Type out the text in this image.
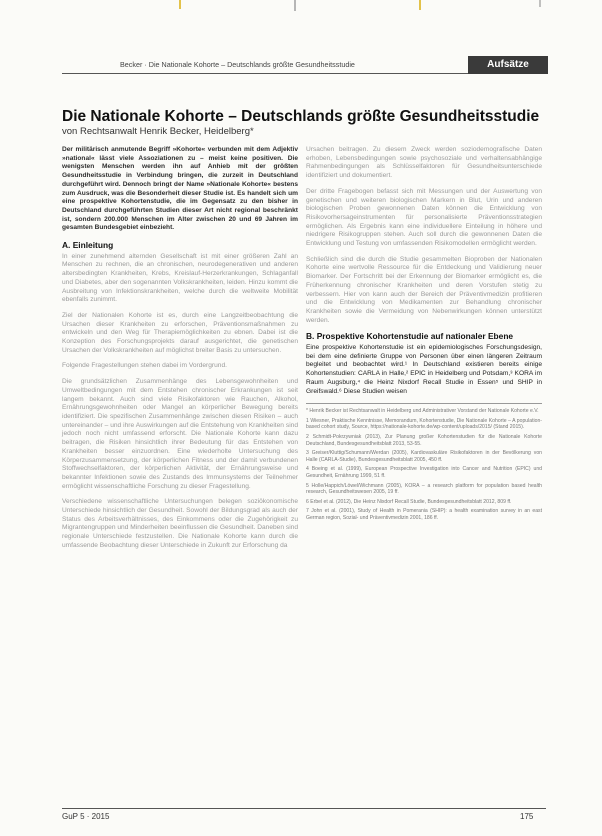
Becker · Die Nationale Kohorte – Deutschlands größte Gesundheitsstudie	Aufsätze
Die Nationale Kohorte – Deutschlands größte Gesundheitsstudie
von Rechtsanwalt Henrik Becker, Heidelberg*

Der militärisch anmutende Begriff »Kohorte« verbunden mit dem Adjektiv »national« lässt viele Assoziationen zu – meist keine positiven. Die wenigsten Menschen werden ihn auf Anhieb mit der größten Gesundheitsstudie in Verbindung bringen, die zurzeit in Deutschland durchgeführt wird. Dennoch bringt der Name »Nationale Kohorte« bestens zum Ausdruck, was die Besonderheit dieser Studie ist. Es handelt sich um eine prospektive Kohortenstudie, die im Gegensatz zu den bisher in Deutschland durchgeführten Studien dieser Art nicht regional beschränkt ist, sondern 200.000 Menschen im Alter zwischen 20 und 69 Jahren im gesamten Bundesgebiet einbezieht.

A. Einleitung

In einer zunehmend alternden Gesellschaft ist mit einer größeren Zahl an Menschen zu rechnen, die an chronischen, neurodegenerativen und anderen altersbedingten Krankheiten, Krebs, Kreislauf-Herzerkrankungen, Schlaganfall und Diabetes, aber den sogenannten Volkskrankheiten, leiden. Hinzu kommt die Ausbreitung von Infektionskrankheiten, welche durch die weltweite Mobilität ebenfalls zunimmt.

Ziel der Nationalen Kohorte ist es, durch eine Langzeitbeobachtung die Ursachen dieser Krankheiten zu erforschen, Präventionsmaßnahmen zu entwickeln und den Weg für Therapiemöglichkeiten zu ebnen. Dabei ist die Konzeption des Forschungsprojekts darauf ausgerichtet, die genetischen Ursachen der Volkskrankheiten auf möglichst breiter Basis zu untersuchen.

Folgende Fragestellungen stehen dabei im Vordergrund.

Die grundsätzlichen Zusammenhänge des Lebensgewohnheiten und Umweltbedingungen mit dem Entstehen chronischer Erkrankungen ist seit langem bekannt. Auch sind viele Risikofaktoren wie Rauchen, Alkohol, Ernährungsgewohnheiten oder Mangel an körperlicher Bewegung bereits identifiziert. Die spezifischen Zusammenhänge zwischen diesen Risiken – auch untereinander – und ihre Auswirkungen auf die Entstehung von Krankheiten sind jedoch noch nicht umfassend erforscht. Die Nationale Kohorte kann dazu beitragen, die Risiken hinsichtlich ihrer Bedeutung für das Entstehen von Krankheiten besser einzuordnen. Eine wiederholte Untersuchung des Körperzusammensetzung, der körperlichen Fitness und der damit verbundenen Stoffwechselfaktoren, der körperlichen Aktivität, der Ernährungsweise und bekannter Infektionen sowie des Zustands des Immunsystems der Teilnehmer ermöglicht wissenschaftliche Forschung zu dieser Fragestellung.

Verschiedene wissenschaftliche Untersuchungen belegen soziökonomische Unterschiede hinsichtlich der Gesundheit. Sowohl der Bildungsgrad als auch der Status des Arbeitsverhältnisses, des Einkommens oder die Zugehörigkeit zu Migrantengruppen und Minderheiten beeinflussen die Gesundheit. Daneben sind regionale Unterschiede festzustellen. Die Nationale Kohorte kann durch die umfassende Beobachtung dieser Unterschiede in Zukunft zur Erforschung da

Ursachen beitragen. Zu diesem Zweck werden soziodemografische Daten erhoben, Lebensbedingungen sowie psychosoziale und verhaltensabhängige Rahmenbedingungen als Schlüsselfaktoren für Gesundheitsunterschiede identifiziert und dokumentiert.

Der dritte Fragebogen befasst sich mit Messungen und der Auswertung von genetischen und weiteren biologischen Markern in Blut, Urin und anderen biologischen Proben gewonnenen Daten können die Entwicklung von Risikovorhersageinstrumenten für personalisierte Präventionsstrategien ermöglichen. Als Ergebnis kann eine individuellere Einteilung in höhere und niedrigere Risikogruppen stehen. Auch soll durch die gewonnenen Daten die Entwicklung und Testung von umfassenden Risikomodellen ermöglicht werden.

Schließlich sind die durch die Studie gesammelten Bioproben der Nationalen Kohorte eine wertvolle Ressource für die Entdeckung und Validierung neuer Biomarker. Der Fortschritt bei der Erkennung der Biomarker ermöglicht es, die Früherkennung chronischer Krankheiten und deren Vorstufen stetig zu verbessern. Hier von kann auch der Bereich der Präventivmedizin profitieren und die Entwicklung von Medikamenten zur Behandlung chronischer Krankheiten sowie die Vermeidung von Nebenwirkungen können unterstützt werden.

B. Prospektive Kohortenstudie auf nationaler Ebene

Eine prospektive Kohortenstudie ist ein epidemiologisches Forschungsdesign, bei dem eine definierte Gruppe von Personen über einen längeren Zeitraum begleitet und beobachtet wird.¹ In Deutschland existieren bereits einige Kohortenstudien: CARLA in Halle,² EPIC in Heidelberg und Potsdam,³ KORA im Raum Augsburg,⁴ die Heinz Nixdorf Recall Studie in Essen⁵ und SHIP in Greifswald.⁶ Diese Studien weisen

* Henrik Becker ist Rechtsanwalt in Heidelberg und Administrativer Vorstand der Nationale Kohorte e.V.
1 Wiesner, Praktische Kenntnisse, Memorandum, Kohortenstudie, Die Nationale Kohorte – A population-based cohort study, Source, https://nationale-kohorte.de/wp-content/uploads/2015/ (Stand 2015).
2 Schmidt-Pokrzywniak (2013), Zur Planung großer Kohortenstudien für die Nationale Kohorte Deutschland, Bundesgesundheitsblatt 2013, 53-55.
3 Greiser/Kluttig/Schumann/Werdan (2005), Kardiovaskuläre Risikofaktoren in der Bevölkerung von Halle (CARLA-Studie), Bundesgesundheitsblatt 2005, 450 ff.
4 Boeing et al. (1999), European Prospective Investigation into Cancer and Nutrition (EPIC) und Gesundheit, Ernährung 1999, 51 ff.
5 Holle/Happich/Löwel/Wichmann (2005), KORA – a research platform for population based health research, Gesundheitswesen 2005, 19 ff.
6 Erbel et al. (2012), Die Heinz Nixdorf Recall Studie, Bundesgesundheitsblatt 2012, 809 ff.
7 John et al. (2001), Study of Health in Pomerania (SHIP): a health examination survey in an east German region, Sozial- und Präventivmedizin 2001, 186 ff.
GuP 5 · 2015	175
